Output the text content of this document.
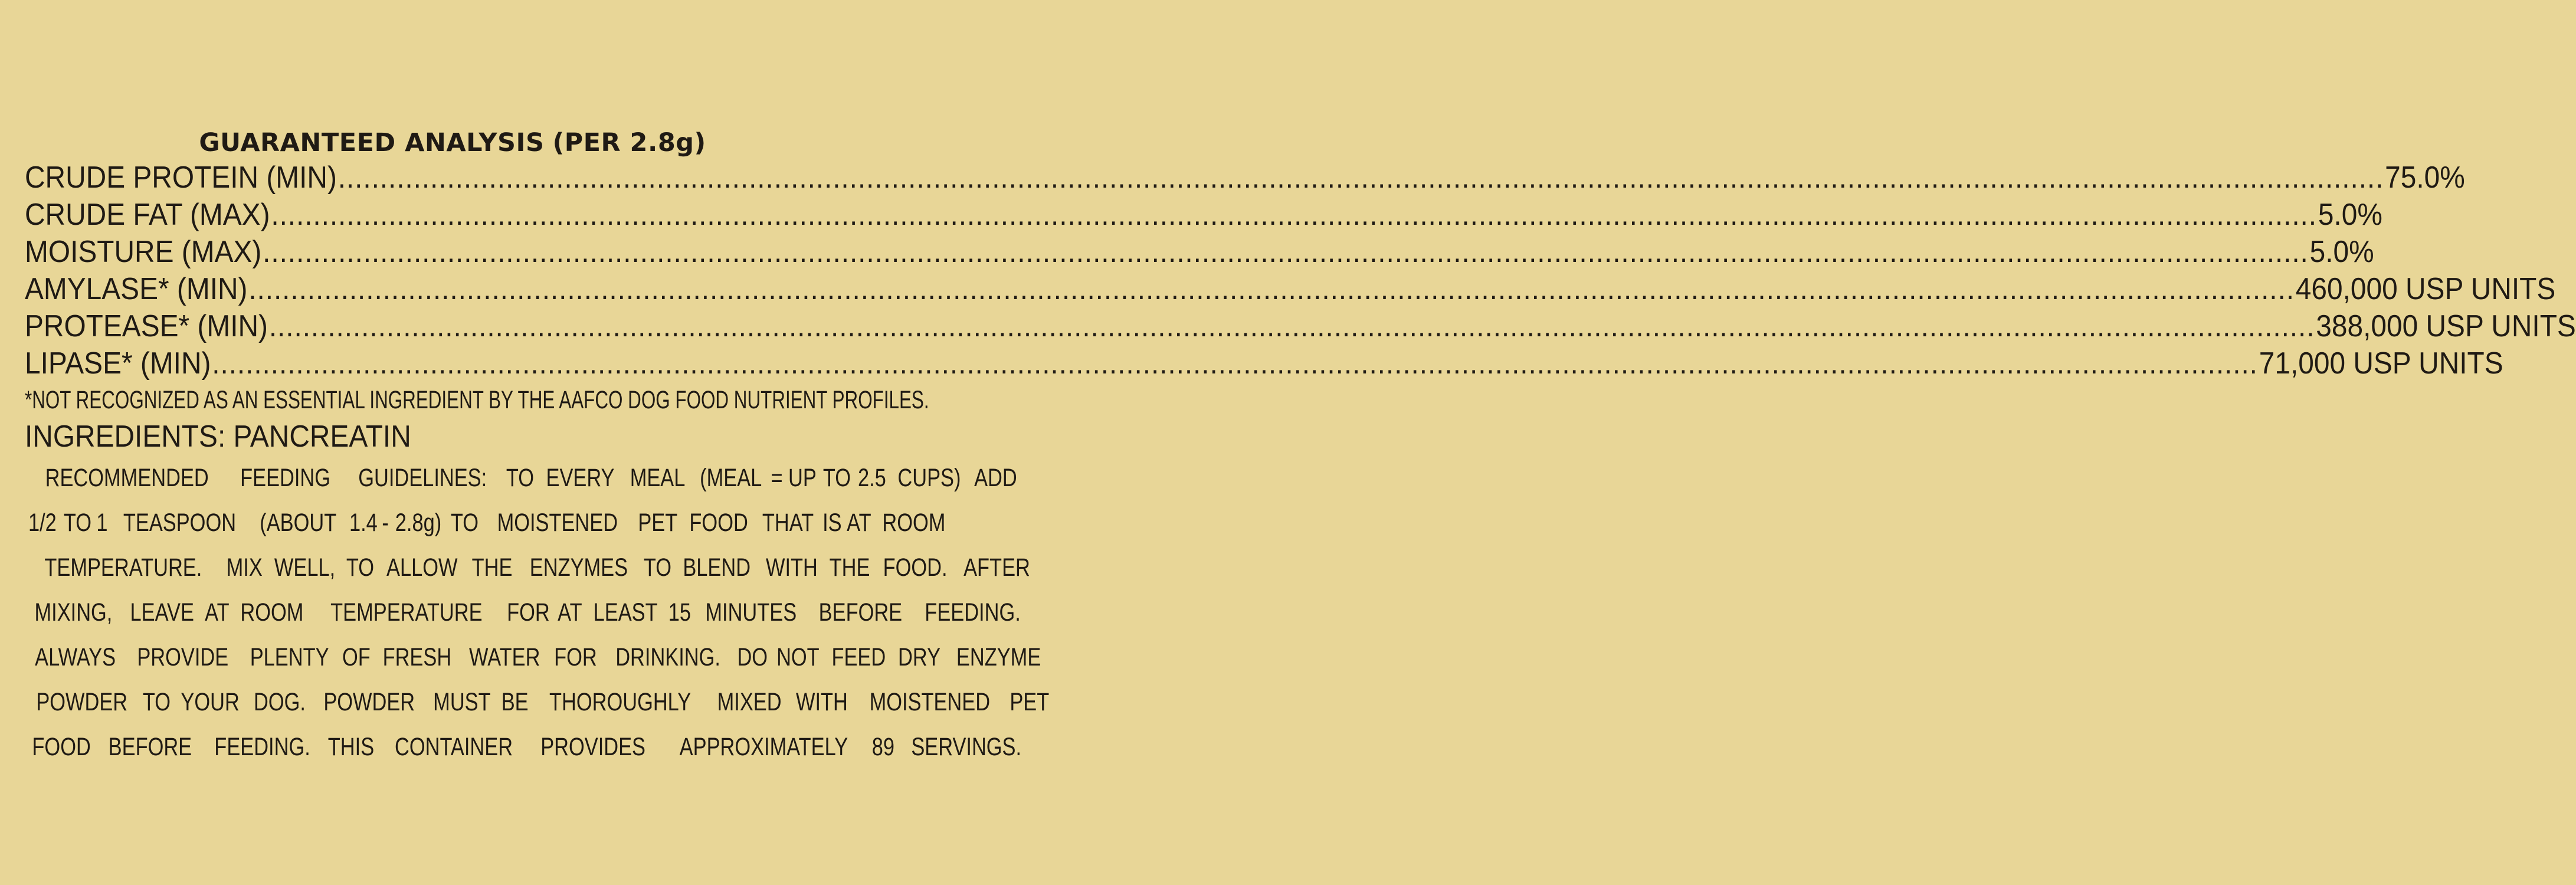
GUARANTEED ANALYSIS (PER 2.8g)
CRUDE PROTEIN (MIN) .....	75.0%
CRUDE FAT (MAX) .....	5.0%
MOISTURE (MAX) .....	5.0%
AMYLASE* (MIN) .....	460,000 USP UNITS
PROTEASE* (MIN) .....	388,000 USP UNITS
LIPASE* (MIN) .....	71,000 USP UNITS
*NOT RECOGNIZED AS AN ESSENTIAL INGREDIENT BY THE AAFCO DOG FOOD NUTRIENT PROFILES.
INGREDIENTS: PANCREATIN
RECOMMENDED FEEDING GUIDELINES: TO EVERY MEAL (MEAL = UP TO 2.5 CUPS) ADD
1/2 TO 1 TEASPOON (ABOUT 1.4 - 2.8g) TO MOISTENED PET FOOD THAT IS AT ROOM
TEMPERATURE. MIX WELL, TO ALLOW THE ENZYMES TO BLEND WITH THE FOOD. AFTER
MIXING, LEAVE AT ROOM TEMPERATURE FOR AT LEAST 15 MINUTES BEFORE FEEDING.
ALWAYS PROVIDE PLENTY OF FRESH WATER FOR DRINKING. DO NOT FEED DRY ENZYME
POWDER TO YOUR DOG. POWDER MUST BE THOROUGHLY MIXED WITH MOISTENED PET
FOOD BEFORE FEEDING. THIS CONTAINER PROVIDES APPROXIMATELY 89 SERVINGS.
